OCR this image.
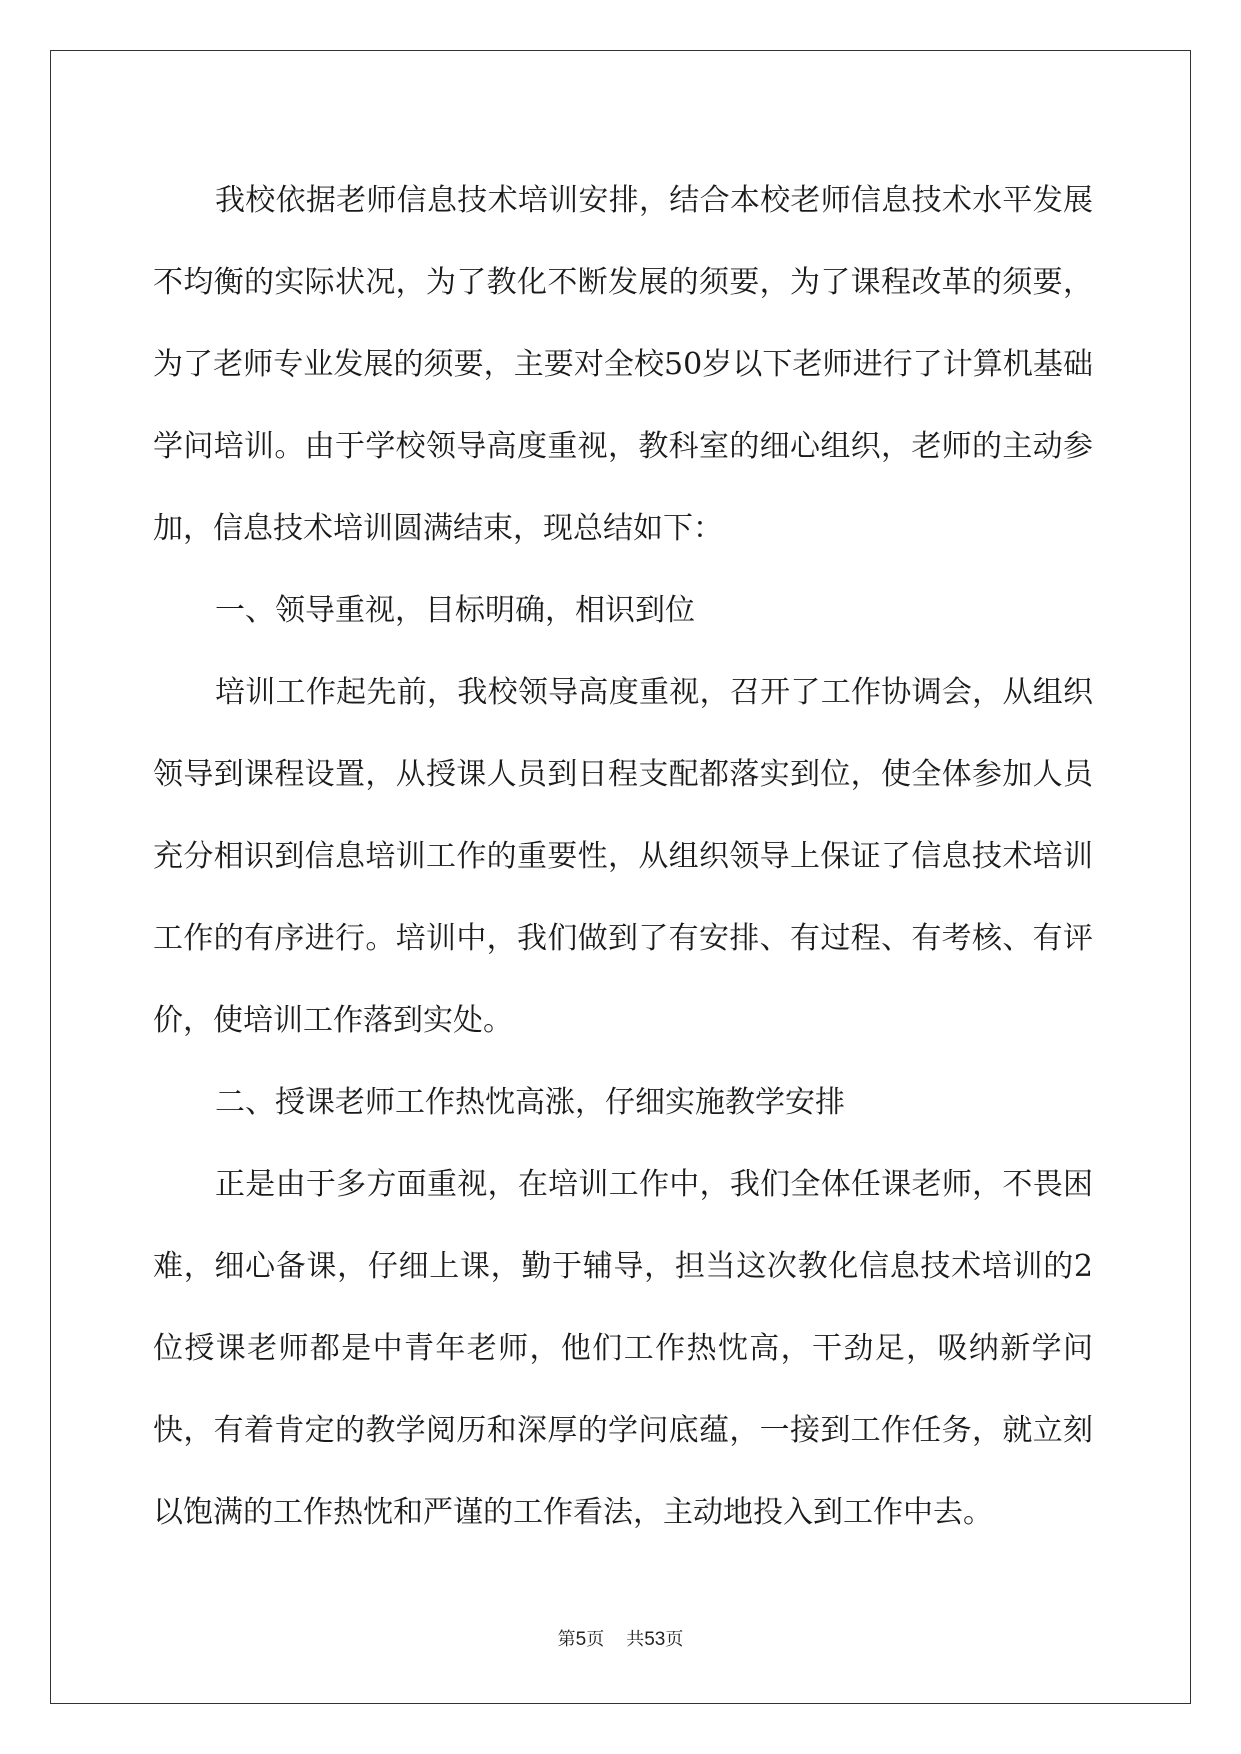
我校依据老师信息技术培训安排，结合本校老师信息技术水平发展不均衡的实际状况，为了教化不断发展的须要，为了课程改革的须要，为了老师专业发展的须要，主要对全校50岁以下老师进行了计算机基础学问培训。由于学校领导高度重视，教科室的细心组织，老师的主动参加，信息技术培训圆满结束，现总结如下：

一、领导重视，目标明确，相识到位

培训工作起先前，我校领导高度重视，召开了工作协调会，从组织领导到课程设置，从授课人员到日程支配都落实到位，使全体参加人员充分相识到信息培训工作的重要性，从组织领导上保证了信息技术培训工作的有序进行。培训中，我们做到了有安排、有过程、有考核、有评价，使培训工作落到实处。

二、授课老师工作热忱高涨，仔细实施教学安排

正是由于多方面重视，在培训工作中，我们全体任课老师，不畏困难，细心备课，仔细上课，勤于辅导，担当这次教化信息技术培训的2位授课老师都是中青年老师，他们工作热忱高，干劲足，吸纳新学问快，有着肯定的教学阅历和深厚的学问底蕴，一接到工作任务，就立刻以饱满的工作热忱和严谨的工作看法，主动地投入到工作中去。

第5页 共53页
